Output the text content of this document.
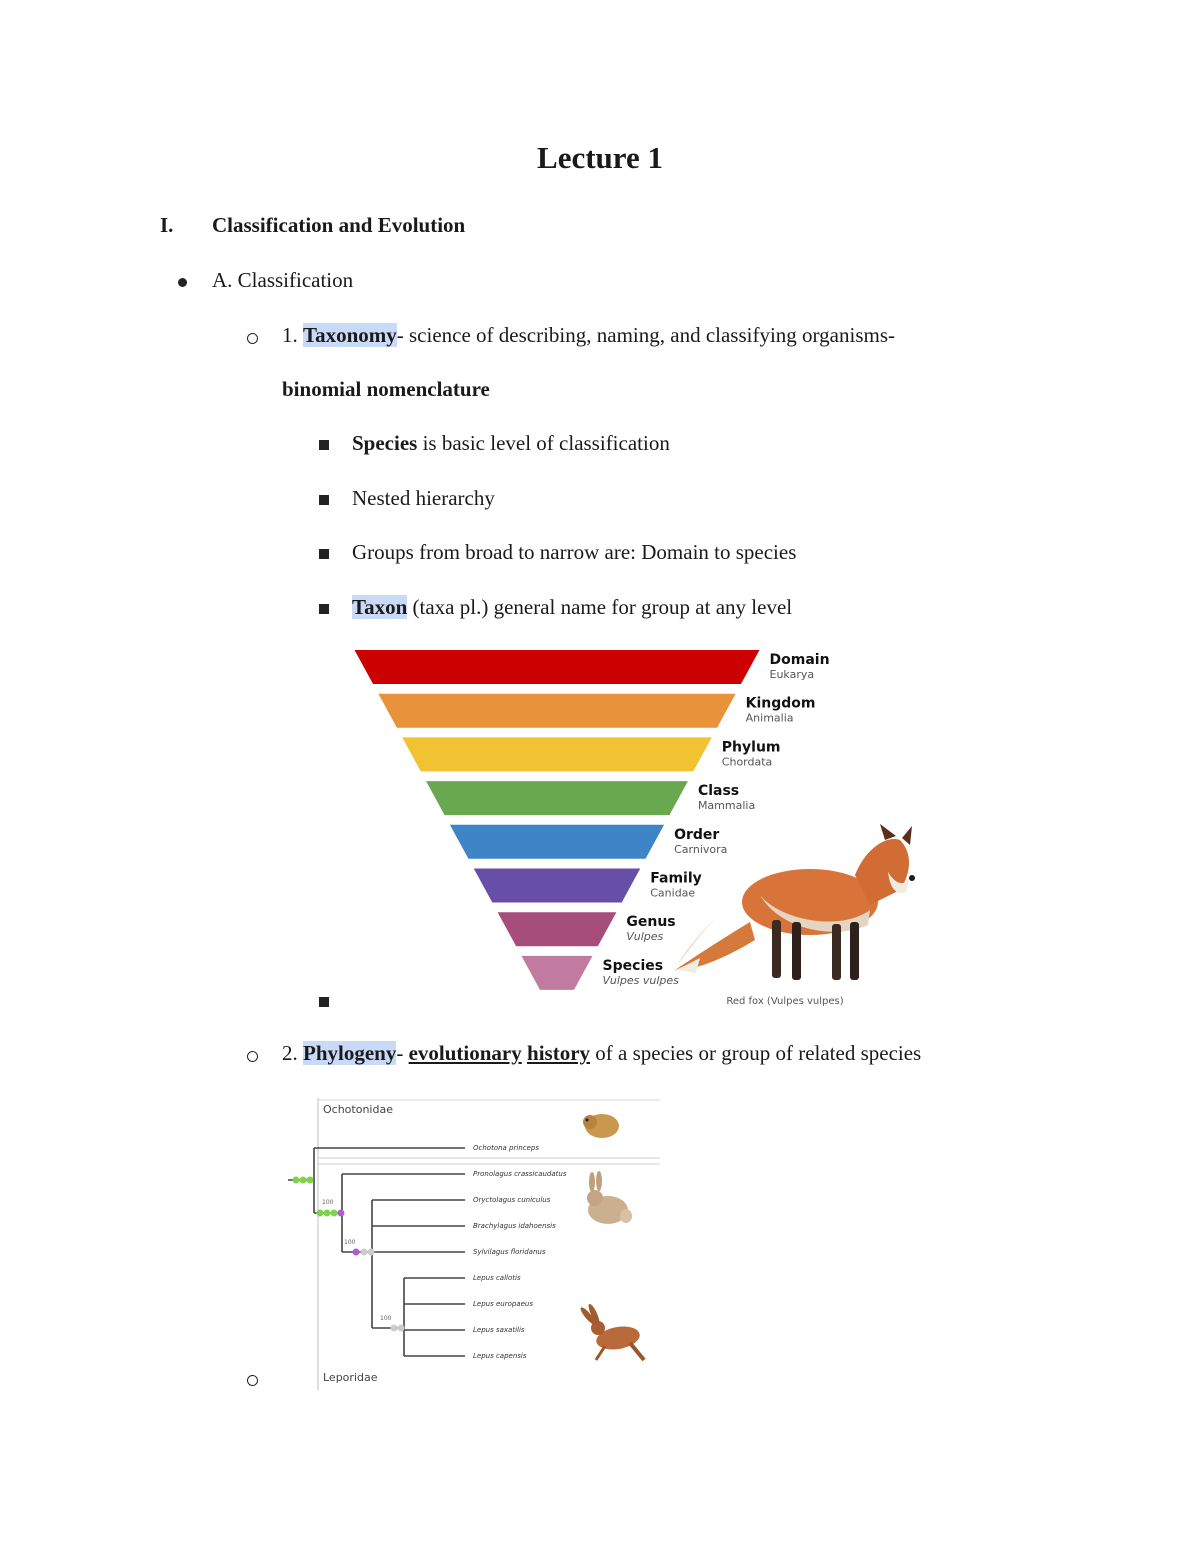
Lecture 1
I. Classification and Evolution
A. Classification
1. Taxonomy- science of describing, naming, and classifying organisms-
binomial nomenclature
Species is basic level of classification
Nested hierarchy
Groups from broad to narrow are: Domain to species
Taxon (taxa pl.) general name for group at any level
Domain
Eukarya
Kingdom
Animalia
Phylum
Chordata
Class
Mammalia
Order
Carnivora
Family
Canidae
Genus
Vulpes
Species
Vulpes vulpes
Red fox (Vulpes vulpes)
2. Phylogeny- evolutionary history of a species or group of related species
Ochotonidae
Leporidae
100
100
100
Ochotona princeps
Pronolagus crassicaudatus
Oryctolagus cuniculus
Brachylagus idahoensis
Sylvilagus floridanus
Lepus callotis
Lepus europaeus
Lepus saxatilis
Lepus capensis
